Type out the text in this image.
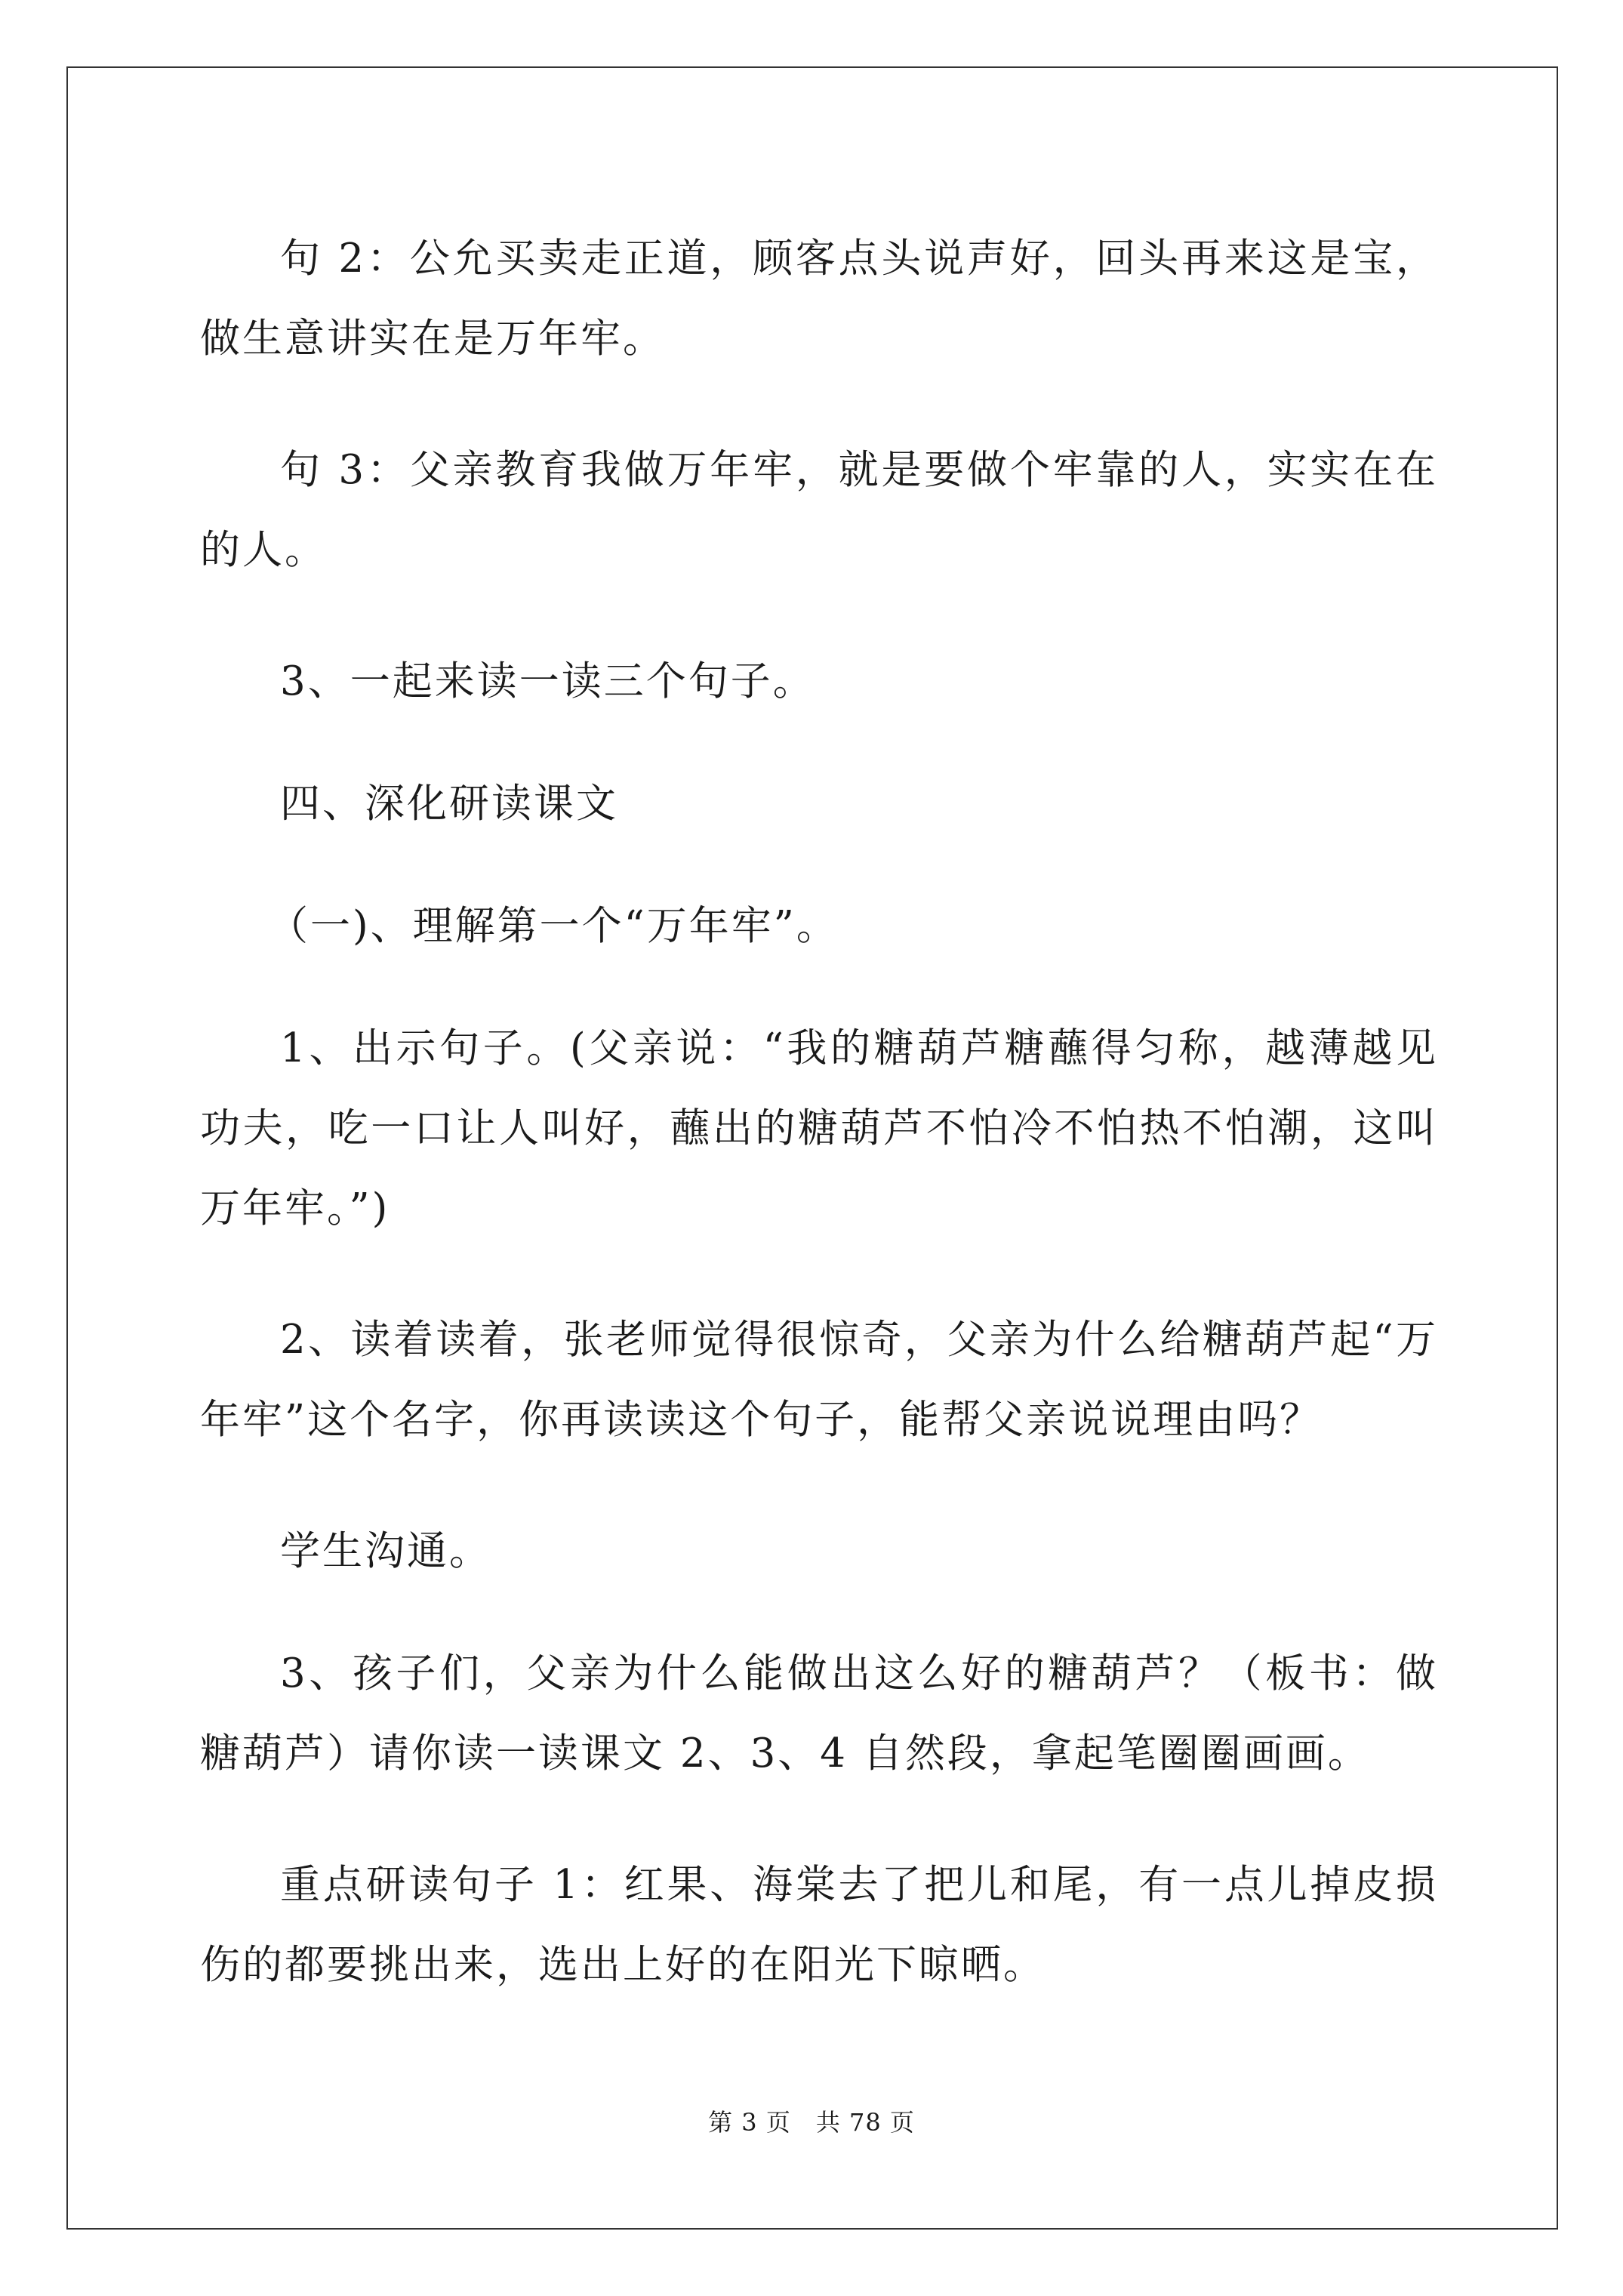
句 2：公允买卖走正道，顾客点头说声好，回头再来这是宝，做生意讲实在是万年牢。

句 3：父亲教育我做万年牢，就是要做个牢靠的人，实实在在的人。

3、一起来读一读三个句子。

四、深化研读课文

（一)、理解第一个“万年牢”。

1、出示句子。(父亲说：“我的糖葫芦糖蘸得匀称，越薄越见功夫，吃一口让人叫好，蘸出的糖葫芦不怕冷不怕热不怕潮，这叫万年牢。”)

2、读着读着，张老师觉得很惊奇，父亲为什么给糖葫芦起“万年牢”这个名字，你再读读这个句子，能帮父亲说说理由吗？

学生沟通。

3、孩子们，父亲为什么能做出这么好的糖葫芦？（板书：做糖葫芦）请你读一读课文 2、3、4 自然段，拿起笔圈圈画画。

重点研读句子 1：红果、海棠去了把儿和尾，有一点儿掉皮损伤的都要挑出来，选出上好的在阳光下晾晒。

第 3 页　共 78 页
